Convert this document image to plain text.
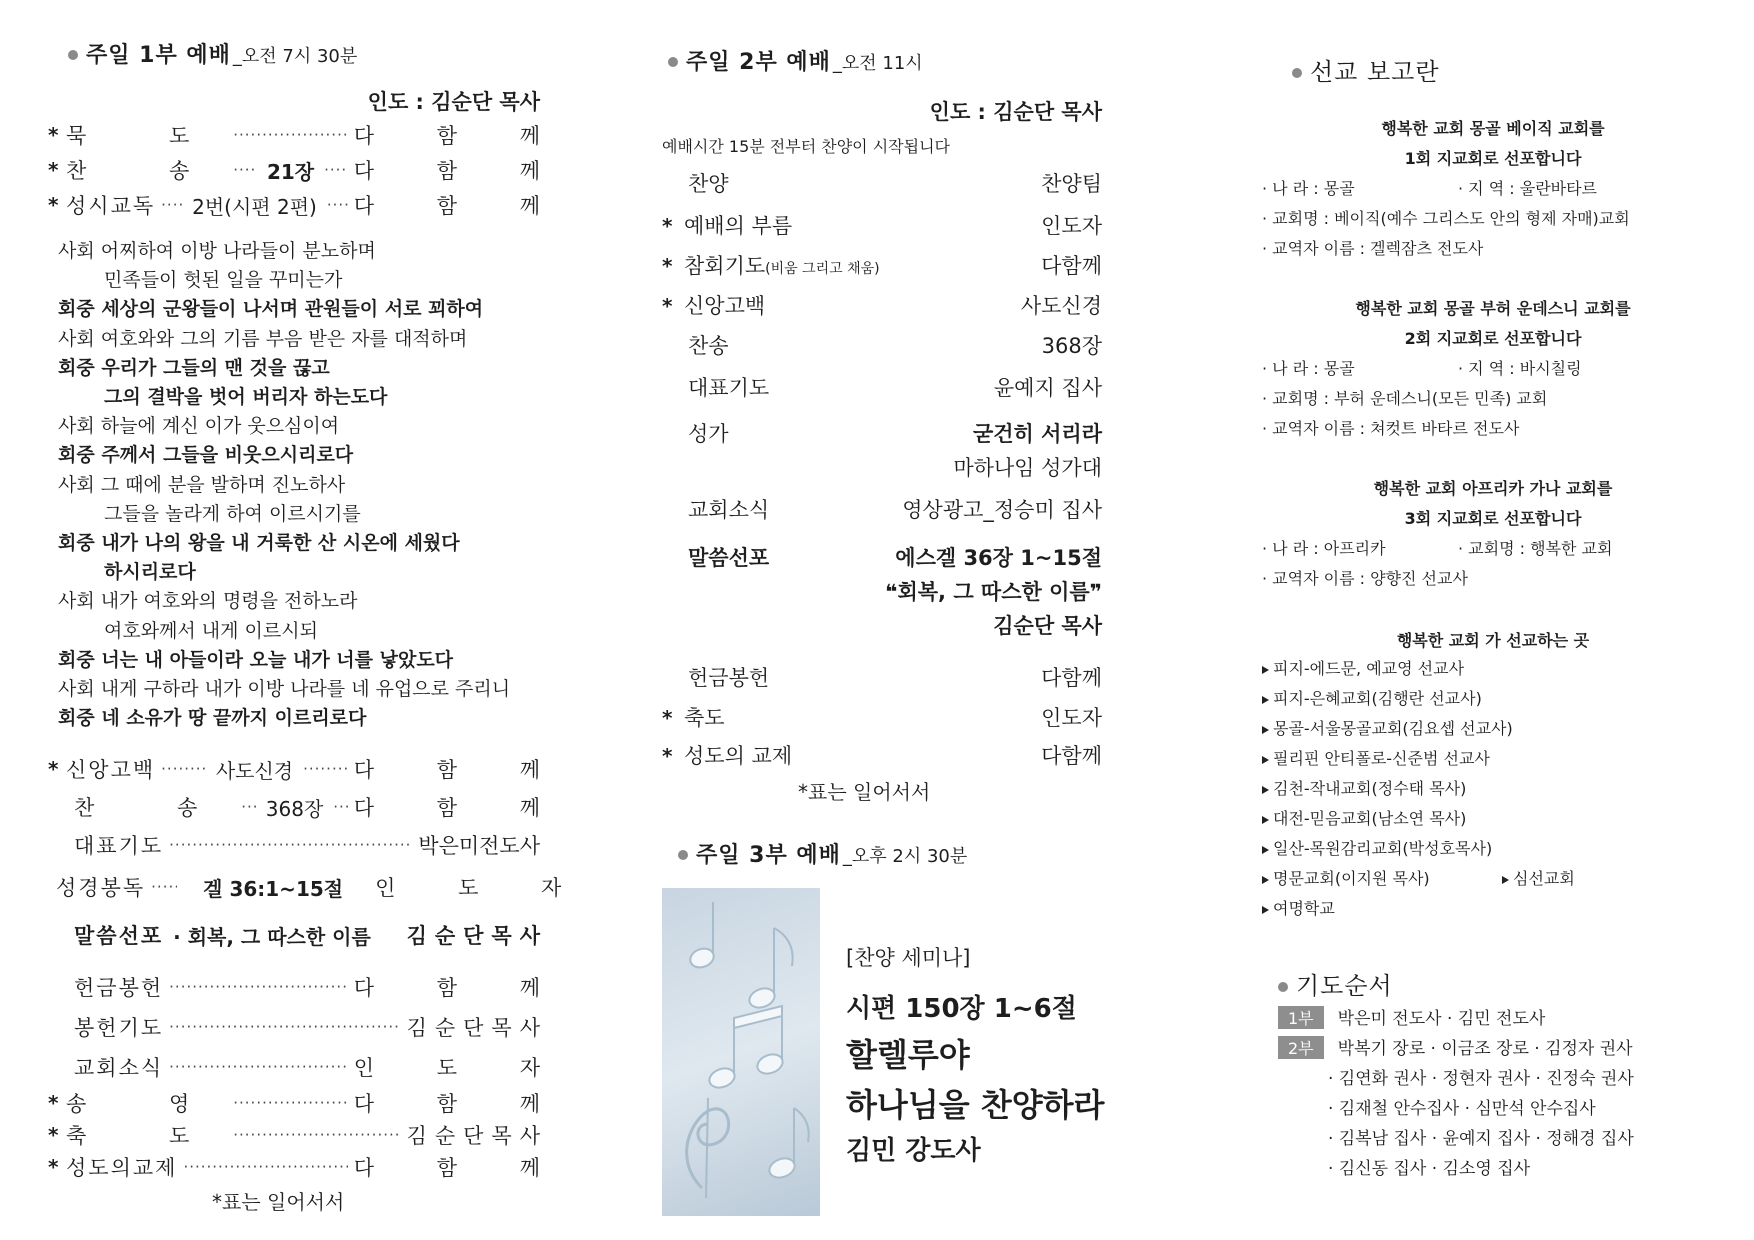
주일 1부 예배 _오전 7시 30분
인도 : 김순단 목사
* 묵 도 ·····	다 함 께
* 찬 송 ····· 21장 ····· 다 함 께
* 성시교독 ····· 2번(시편 2편) ····· 다 함 께
사회 어찌하여 이방 나라들이 분노하며
민족들이 헛된 일을 꾸미는가
회중 세상의 군왕들이 나서며 관원들이 서로 꾀하여
사회 여호와와 그의 기름 부음 받은 자를 대적하며
회중 우리가 그들의 맨 것을 끊고
그의 결박을 벗어 버리자 하는도다
사회 하늘에 계신 이가 웃으심이여
회중 주께서 그들을 비웃으시리로다
사회 그 때에 분을 발하며 진노하사
그들을 놀라게 하여 이르시기를
회중 내가 나의 왕을 내 거룩한 산 시온에 세웠다
하시리로다
사회 내가 여호와의 명령을 전하노라
여호와께서 내게 이르시되
회중 너는 내 아들이라 오늘 내가 너를 낳았도다
사회 내게 구하라 내가 이방 나라를 네 유업으로 주리니
회중 네 소유가 땅 끝까지 이르리로다
* 신앙고백 ·····	사도신경 ·····	다 함 께
찬 송 ····· 368장 ····· 다 함 께
대표기도 ·····	박은미전도사
성경봉독 ·····	겔 36:1~15절 인 도 자
말씀선포 · 회복, 그 따스한 이름 김순단목사
헌금봉헌 ·····	다 함 께
봉헌기도 ·····	김순단목사
교회소식 ·····	인 도 자
* 송 영 ·····	다 함 께
* 축 도 ·····	김순단목사
* 성도의교제 ·····	다 함 께
*표는 일어서서
주일 2부 예배 _오전 11시
인도 : 김순단 목사
예배시간 15분 전부터 찬양이 시작됩니다
찬양	찬양팀
* 예배의 부름	인도자
* 참회기도(비움 그리고 채움)	다함께
* 신앙고백	사도신경
찬송	368장
대표기도	윤예지 집사
성가	굳건히 서리라
마하나임 성가대
교회소식	영상광고_정승미 집사
말씀선포	에스겔 36장 1~15절
❝회복, 그 따스한 이름❞
김순단 목사
헌금봉헌	다함께
* 축도	인도자
* 성도의 교제	다함께
*표는 일어서서
주일 3부 예배 _오후 2시 30분
[찬양 세미나]
시편 150장 1~6절
할렐루야
하나님을 찬양하라
김민 강도사
선교 보고란
행복한 교회 몽골 베이직 교회를
1회 지교회로 선포합니다
· 나 라 : 몽골	· 지 역 : 울란바타르
· 교회명 : 베이직(예수 그리스도 안의 형제 자매)교회
· 교역자 이름 : 겔렉잠츠 전도사
행복한 교회 몽골 부허 운데스니 교회를
2회 지교회로 선포합니다
· 나 라 : 몽골	· 지 역 : 바시칠링
· 교회명 : 부허 운데스니(모든 민족) 교회
· 교역자 이름 : 쳐컷트 바타르 전도사
행복한 교회 아프리카 가나 교회를
3회 지교회로 선포합니다
· 나 라 : 아프리카	· 교회명 : 행복한 교회
· 교역자 이름 : 양향진 선교사
행복한 교회 가 선교하는 곳
피지-에드문, 예교영 선교사
피지-은혜교회(김행란 선교사)
몽골-서울몽골교회(김요셉 선교사)
필리핀 안티폴로-신준범 선교사
김천-작내교회(정수태 목사)
대전-믿음교회(남소연 목사)
일산-목원감리교회(박성호목사)
명문교회(이지원 목사)	심선교회
여명학교
기도순서
1부 박은미 전도사 · 김민 전도사
2부 박복기 장로 · 이금조 장로 · 김정자 권사
· 김연화 권사 · 정현자 권사 · 진정숙 권사
· 김재철 안수집사 · 심만석 안수집사
· 김복남 집사 · 윤예지 집사 · 정해경 집사
· 김신동 집사 · 김소영 집사
